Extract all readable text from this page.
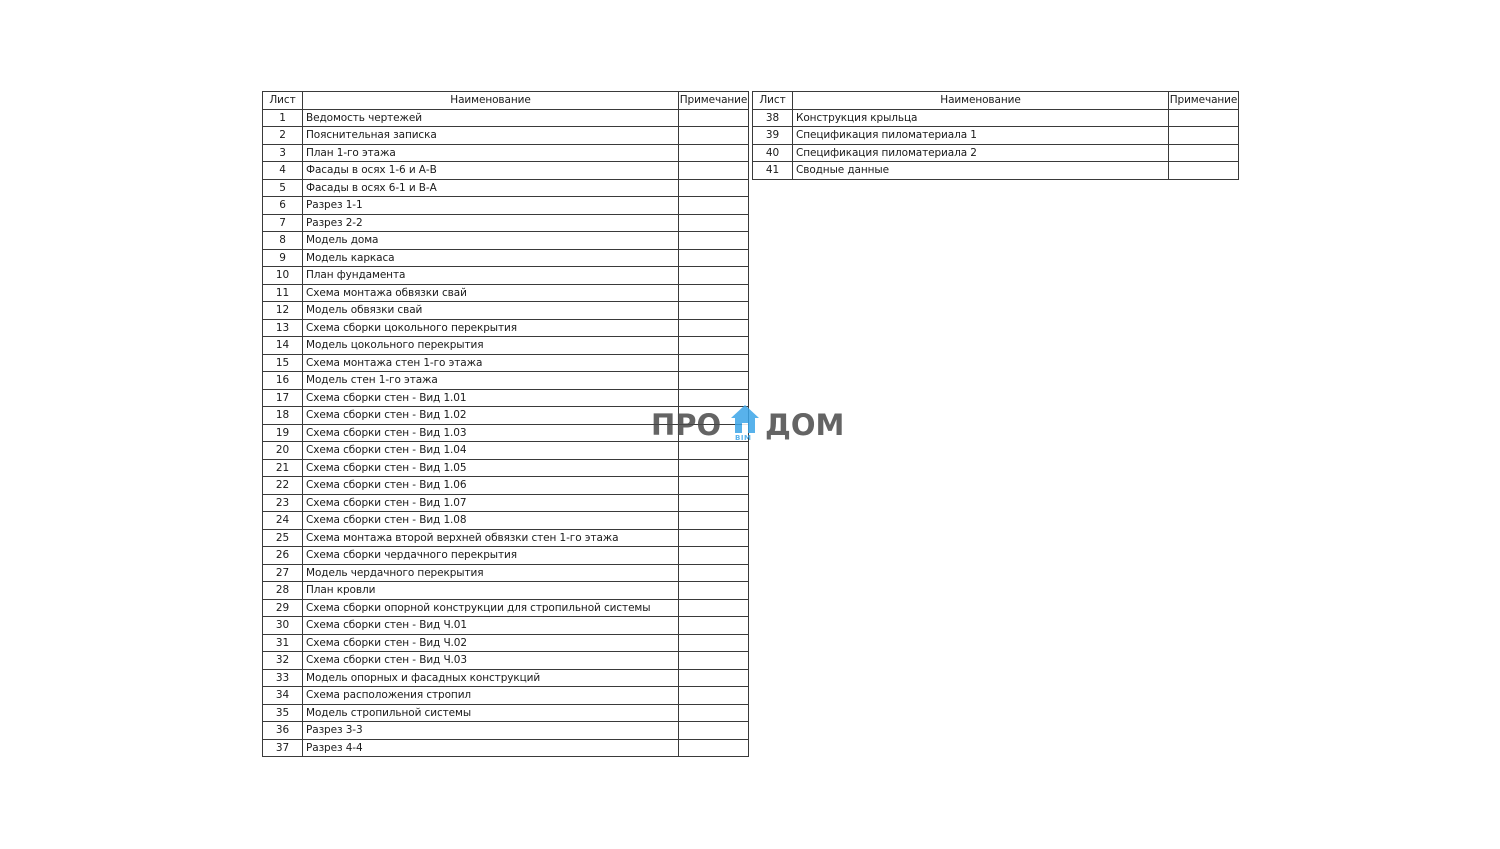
Лист	Наименование	Примечание
1	Ведомость чертежей	
2	Пояснительная записка	
3	План 1-го этажа	
4	Фасады в осях 1-6 и А-В	
5	Фасады в осях 6-1 и В-А	
6	Разрез 1-1	
7	Разрез 2-2	
8	Модель дома	
9	Модель каркаса	
10	План фундамента	
11	Схема монтажа обвязки свай	
12	Модель обвязки свай	
13	Схема сборки цокольного перекрытия	
14	Модель цокольного перекрытия	
15	Схема монтажа стен 1-го этажа	
16	Модель стен 1-го этажа	
17	Схема сборки стен - Вид 1.01	
18	Схема сборки стен - Вид 1.02	
19	Схема сборки стен - Вид 1.03	
20	Схема сборки стен - Вид 1.04	
21	Схема сборки стен - Вид 1.05	
22	Схема сборки стен - Вид 1.06	
23	Схема сборки стен - Вид 1.07	
24	Схема сборки стен - Вид 1.08	
25	Схема монтажа второй верхней обвязки стен 1-го этажа	
26	Схема сборки чердачного перекрытия	
27	Модель чердачного перекрытия	
28	План кровли	
29	Схема сборки опорной конструкции для стропильной системы	
30	Схема сборки стен - Вид Ч.01	
31	Схема сборки стен - Вид Ч.02	
32	Схема сборки стен - Вид Ч.03	
33	Модель опорных и фасадных конструкций	
34	Схема расположения стропил	
35	Модель стропильной системы	
36	Разрез 3-3	
37	Разрез 4-4	
Лист	Наименование	Примечание
38	Конструкция крыльца	
39	Спецификация пиломатериала 1	
40	Спецификация пиломатериала 2	
41	Сводные данные	
ПРО BIM ДОМ
